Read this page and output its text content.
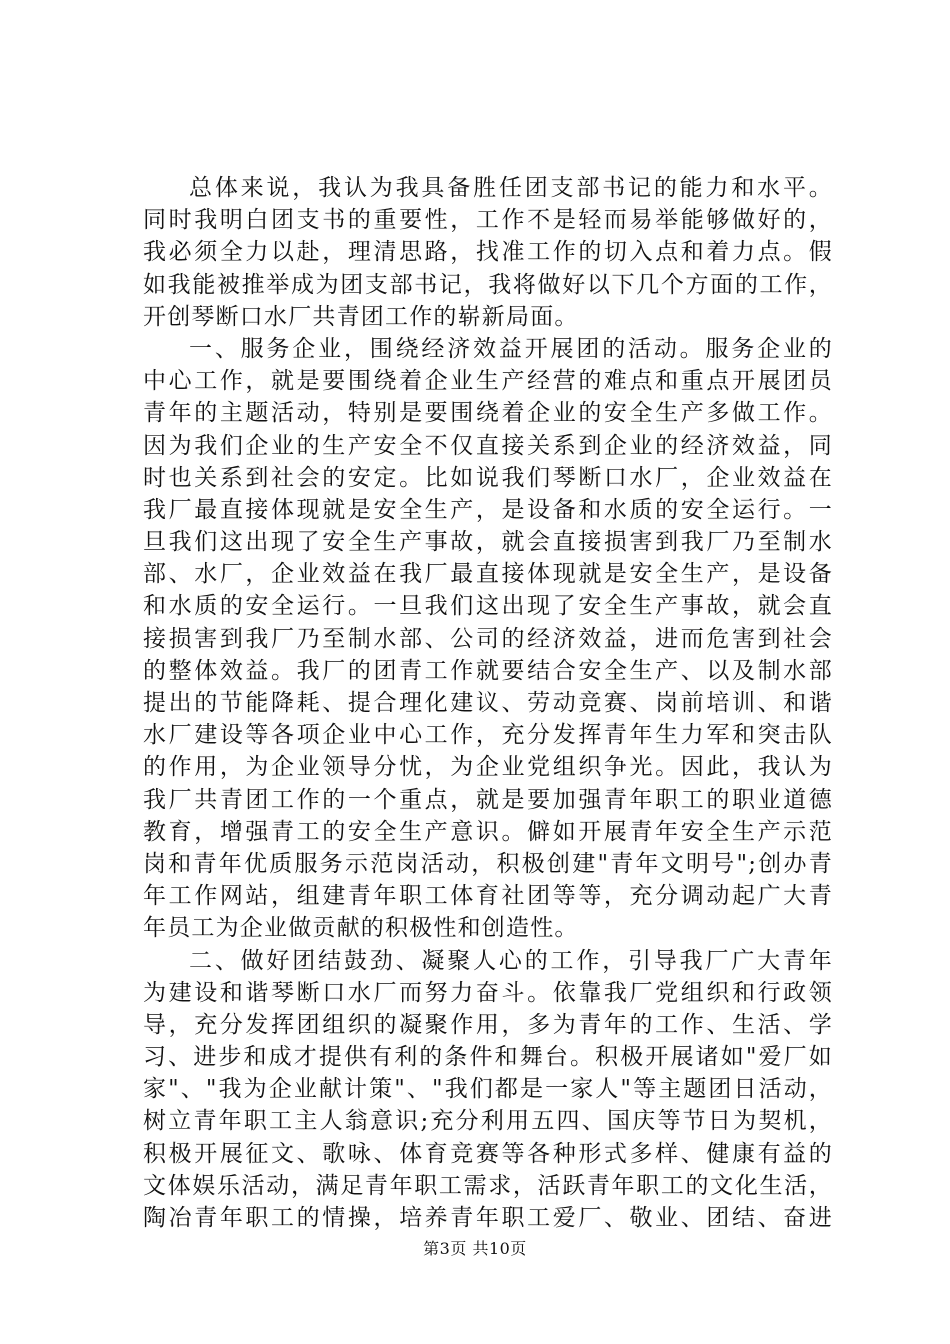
总体来说，我认为我具备胜任团支部书记的能力和水平。
同时我明白团支书的重要性，工作不是轻而易举能够做好的，
我必须全力以赴，理清思路，找准工作的切入点和着力点。假
如我能被推举成为团支部书记，我将做好以下几个方面的工作，
开创琴断口水厂共青团工作的崭新局面。
一、服务企业，围绕经济效益开展团的活动。服务企业的
中心工作，就是要围绕着企业生产经营的难点和重点开展团员
青年的主题活动，特别是要围绕着企业的安全生产多做工作。
因为我们企业的生产安全不仅直接关系到企业的经济效益，同
时也关系到社会的安定。比如说我们琴断口水厂，企业效益在
我厂最直接体现就是安全生产，是设备和水质的安全运行。一
旦我们这出现了安全生产事故，就会直接损害到我厂乃至制水
部、水厂，企业效益在我厂最直接体现就是安全生产，是设备
和水质的安全运行。一旦我们这出现了安全生产事故，就会直
接损害到我厂乃至制水部、公司的经济效益，进而危害到社会
的整体效益。我厂的团青工作就要结合安全生产、以及制水部
提出的节能降耗、提合理化建议、劳动竞赛、岗前培训、和谐
水厂建设等各项企业中心工作，充分发挥青年生力军和突击队
的作用，为企业领导分忧，为企业党组织争光。因此，我认为
我厂共青团工作的一个重点，就是要加强青年职工的职业道德
教育，增强青工的安全生产意识。僻如开展青年安全生产示范
岗和青年优质服务示范岗活动，积极创建"青年文明号";创办青
年工作网站，组建青年职工体育社团等等，充分调动起广大青
年员工为企业做贡献的积极性和创造性。
二、做好团结鼓劲、凝聚人心的工作，引导我厂广大青年
为建设和谐琴断口水厂而努力奋斗。依靠我厂党组织和行政领
导，充分发挥团组织的凝聚作用，多为青年的工作、生活、学
习、进步和成才提供有利的条件和舞台。积极开展诸如"爱厂如
家"、"我为企业献计策"、"我们都是一家人"等主题团日活动，
树立青年职工主人翁意识;充分利用五四、国庆等节日为契机，
积极开展征文、歌咏、体育竞赛等各种形式多样、健康有益的
文体娱乐活动，满足青年职工需求，活跃青年职工的文化生活，
陶冶青年职工的情操，培养青年职工爱厂、敬业、团结、奋进
第3页 共10页
